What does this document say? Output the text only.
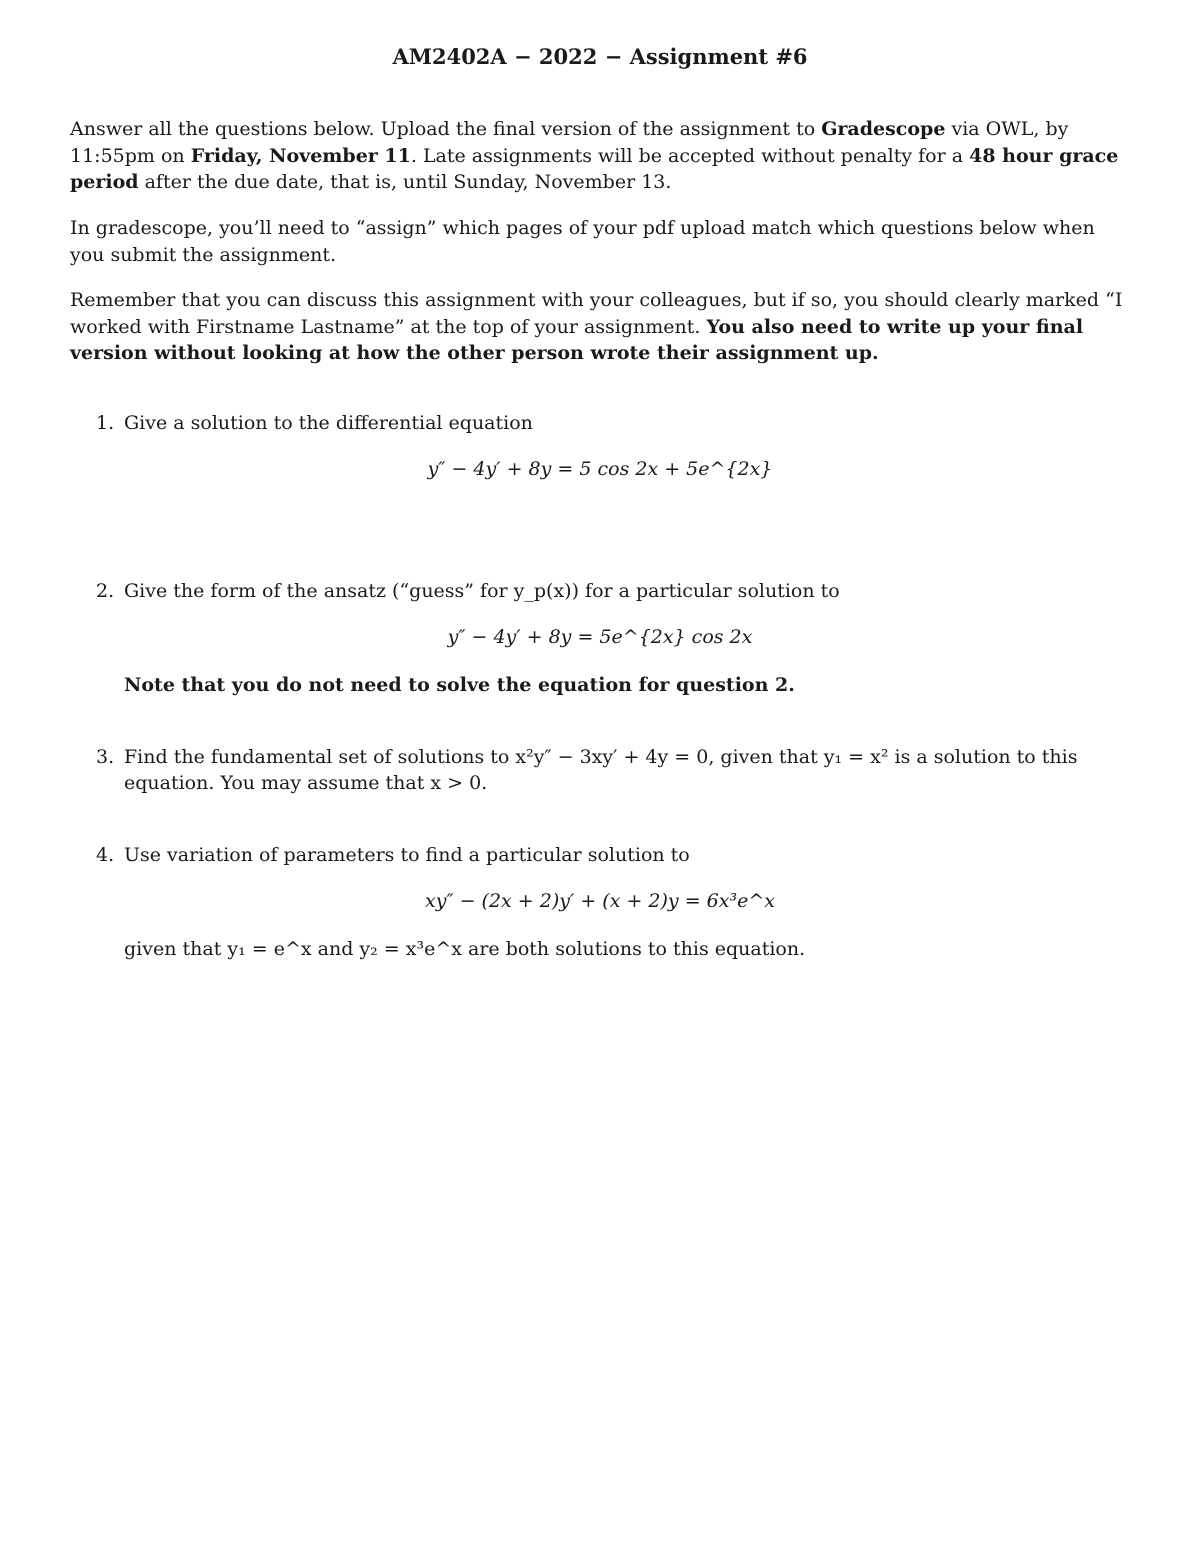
AM2402A − 2022 − Assignment #6

Answer all the questions below. Upload the final version of the assignment to Gradescope via OWL, by 11:55pm on Friday, November 11. Late assignments will be accepted without penalty for a 48 hour grace period after the due date, that is, until Sunday, November 13.

In gradescope, you’ll need to “assign” which pages of your pdf upload match which questions below when you submit the assignment.

Remember that you can discuss this assignment with your colleagues, but if so, you should clearly marked “I worked with Firstname Lastname” at the top of your assignment. You also need to write up your final version without looking at how the other person wrote their assignment up.

1. Give a solution to the differential equation
y″ − 4y′ + 8y = 5 cos 2x + 5e^{2x}
2. Give the form of the ansatz (“guess” for y_p(x)) for a particular solution to
y″ − 4y′ + 8y = 5e^{2x} cos 2x
Note that you do not need to solve the equation for question 2.
3. Find the fundamental set of solutions to x²y″ − 3xy′ + 4y = 0, given that y₁ = x² is a solution to this equation. You may assume that x > 0.
4. Use variation of parameters to find a particular solution to
xy″ − (2x + 2)y′ + (x + 2)y = 6x³e^x
given that y₁ = e^x and y₂ = x³e^x are both solutions to this equation.
